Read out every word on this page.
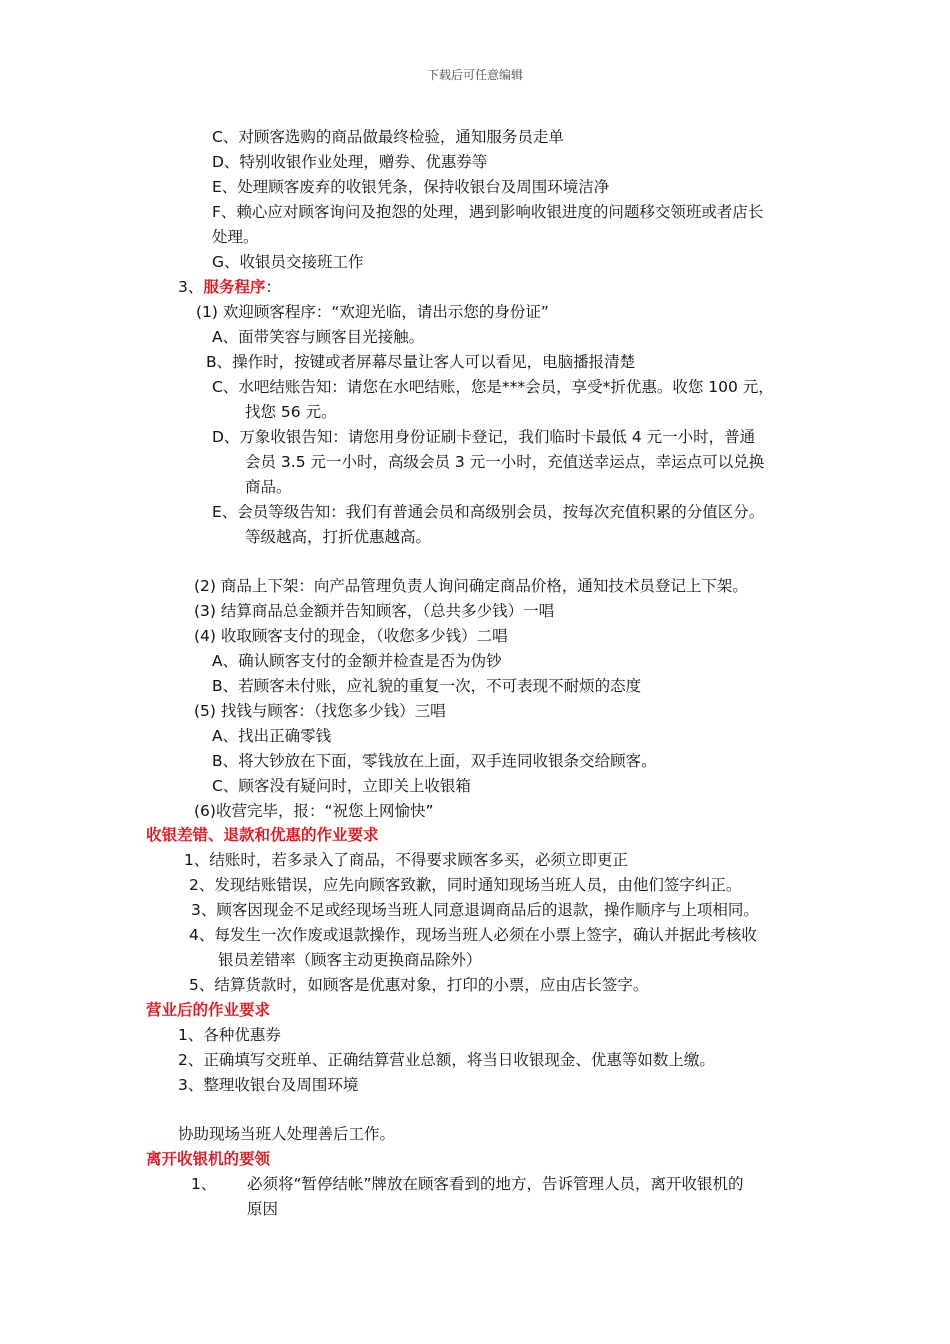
下载后可任意编辑
C、对顾客选购的商品做最终检验，通知服务员走单
D、特别收银作业处理，赠券、优惠券等
E、处理顾客废弃的收银凭条，保持收银台及周围环境洁净
F、赖心应对顾客询问及抱怨的处理，遇到影响收银进度的问题移交领班或者店长
处理。
G、收银员交接班工作
3、服务程序：
(1) 欢迎顾客程序：“欢迎光临，请出示您的身份证”
A、面带笑容与顾客目光接触。
B、操作时，按键或者屏幕尽量让客人可以看见，电脑播报清楚
C、水吧结账告知：请您在水吧结账，您是***会员，享受*折优惠。收您 100 元，
找您 56 元。
D、万象收银告知：请您用身份证刷卡登记，我们临时卡最低 4 元一小时，普通
会员 3.5 元一小时，高级会员 3 元一小时，充值送幸运点，幸运点可以兑换
商品。
E、会员等级告知：我们有普通会员和高级别会员，按每次充值积累的分值区分。
等级越高，打折优惠越高。
(2) 商品上下架：向产品管理负责人询问确定商品价格，通知技术员登记上下架。
(3) 结算商品总金额并告知顾客，（总共多少钱）一唱
(4) 收取顾客支付的现金，（收您多少钱）二唱
A、确认顾客支付的金额并检查是否为伪钞
B、若顾客未付账，应礼貌的重复一次，不可表现不耐烦的态度
(5) 找钱与顾客：（找您多少钱）三唱
A、找出正确零钱
B、将大钞放在下面，零钱放在上面，双手连同收银条交给顾客。
C、顾客没有疑问时，立即关上收银箱
(6)收营完毕，报：“祝您上网愉快”
收银差错、退款和优惠的作业要求
1、结账时，若多录入了商品，不得要求顾客多买，必须立即更正
2、发现结账错误，应先向顾客致歉，同时通知现场当班人员，由他们签字纠正。
3、顾客因现金不足或经现场当班人同意退调商品后的退款，操作顺序与上项相同。
4、每发生一次作废或退款操作，现场当班人必须在小票上签字，确认并据此考核收
银员差错率（顾客主动更换商品除外）
5、结算货款时，如顾客是优惠对象，打印的小票，应由店长签字。
营业后的作业要求
1、各种优惠券
2、正确填写交班单、正确结算营业总额，将当日收银现金、优惠等如数上缴。
3、整理收银台及周围环境
协助现场当班人处理善后工作。
离开收银机的要领
1、 必须将“暂停结帐”牌放在顾客看到的地方，告诉管理人员，离开收银机的
原因
